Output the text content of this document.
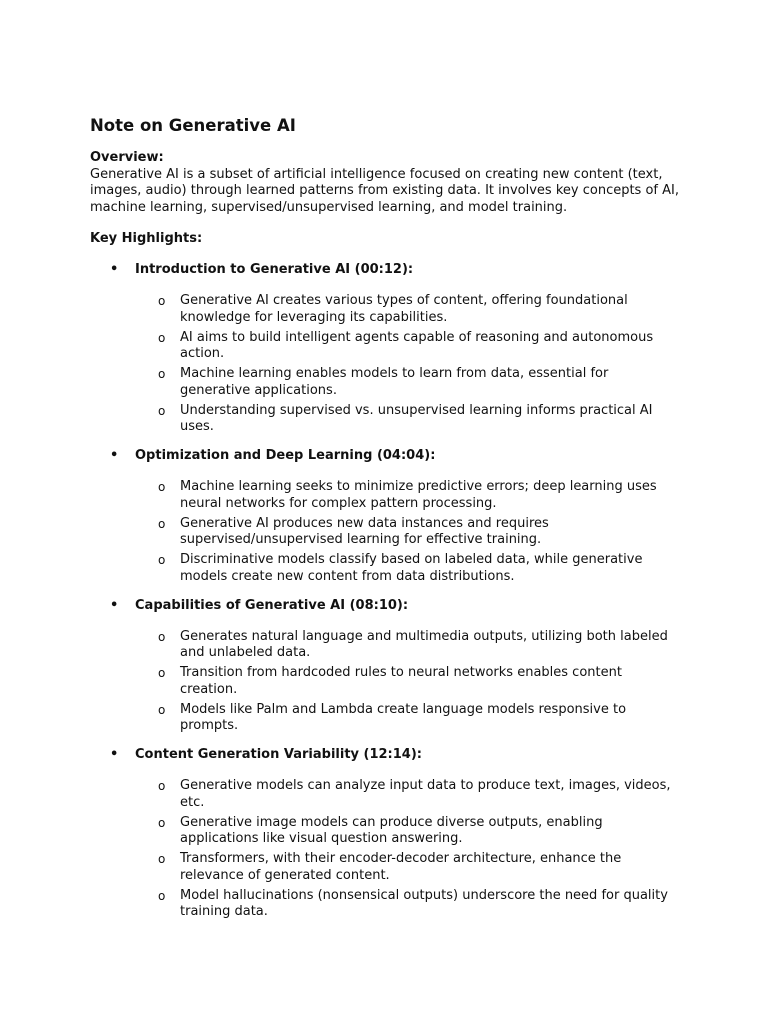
Note on Generative AI

Overview:

Generative AI is a subset of artificial intelligence focused on creating new content (text, images, audio) through learned patterns from existing data. It involves key concepts of AI, machine learning, supervised/unsupervised learning, and model training.

Key Highlights:

• Introduction to Generative AI (00:12):
o Generative AI creates various types of content, offering foundational knowledge for leveraging its capabilities.
o AI aims to build intelligent agents capable of reasoning and autonomous action.
o Machine learning enables models to learn from data, essential for generative applications.
o Understanding supervised vs. unsupervised learning informs practical AI uses.
• Optimization and Deep Learning (04:04):
o Machine learning seeks to minimize predictive errors; deep learning uses neural networks for complex pattern processing.
o Generative AI produces new data instances and requires supervised/unsupervised learning for effective training.
o Discriminative models classify based on labeled data, while generative models create new content from data distributions.
• Capabilities of Generative AI (08:10):
o Generates natural language and multimedia outputs, utilizing both labeled and unlabeled data.
o Transition from hardcoded rules to neural networks enables content creation.
o Models like Palm and Lambda create language models responsive to prompts.
• Content Generation Variability (12:14):
o Generative models can analyze input data to produce text, images, videos, etc.
o Generative image models can produce diverse outputs, enabling applications like visual question answering.
o Transformers, with their encoder-decoder architecture, enhance the relevance of generated content.
o Model hallucinations (nonsensical outputs) underscore the need for quality training data.
